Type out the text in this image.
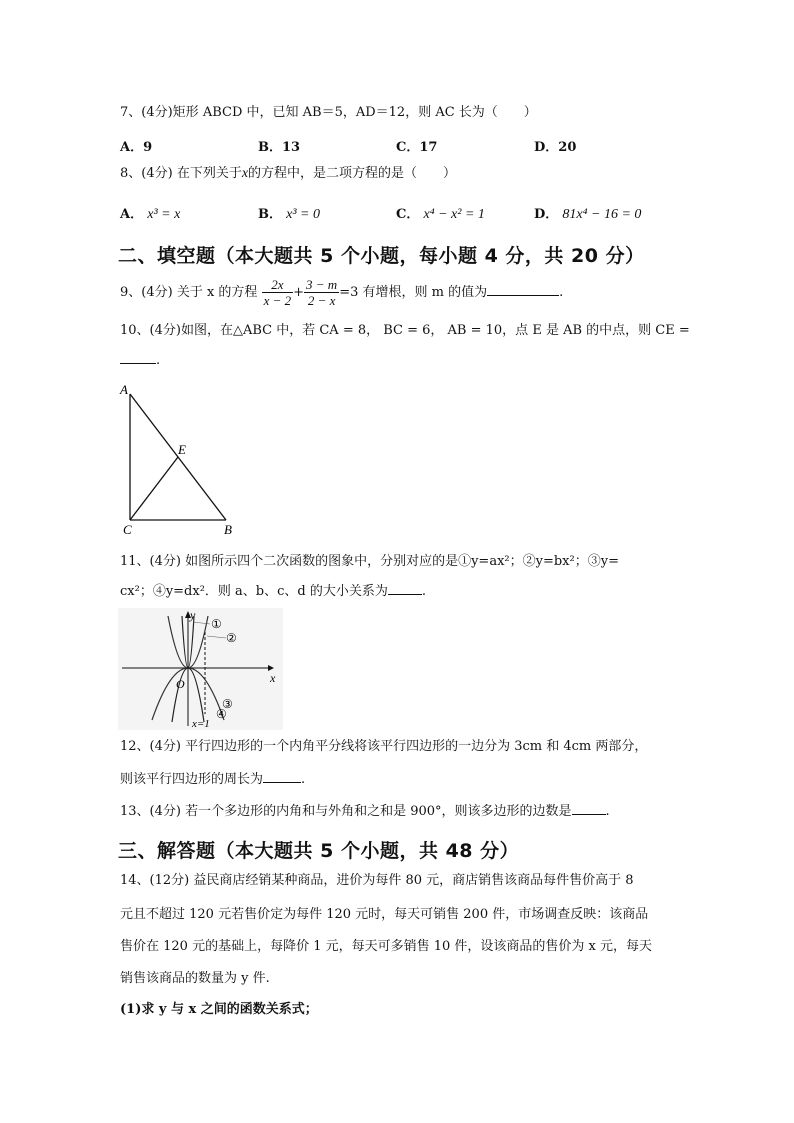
7、(4分)矩形 ABCD 中，已知 AB＝5，AD＝12，则 AC 长为（　　）
A．9	B．13	C．17	D．20
8、(4分) 在下列关于x的方程中，是二项方程的是（　　）
A． x³ = x	B． x³ = 0	C． x⁴ − x² = 1	D． 81x⁴ − 16 = 0
二、填空题（本大题共 5 个小题，每小题 4 分，共 20 分）
9、(4分) 关于 x 的方程 $\frac{2x}{x - 2} + \frac{3 - m}{2 - x} =3$ 有增根，则 m 的值为	.
10、(4分)如图，在△ABC 中，若 CA = 8， BC = 6， AB = 10，点 E 是 AB 的中点，则 CE =
.
A
E
C	B
11、(4分) 如图所示四个二次函数的图象中，分别对应的是①y=ax²；②y=bx²；③y=
cx²；④y=dx²．则 a、b、c、d 的大小关系为	.
y
x
O
①
②
③
④
x=1
12、(4分) 平行四边形的一个内角平分线将该平行四边形的一边分为 3cm 和 4cm 两部分，
则该平行四边形的周长为	.
13、(4分) 若一个多边形的内角和与外角和之和是 900°，则该多边形的边数是	.
三、解答题（本大题共 5 个小题，共 48 分）
14、(12分) 益民商店经销某种商品，进价为每件 80 元，商店销售该商品每件售价高于 8
元且不超过 120 元若售价定为每件 120 元时，每天可销售 200 件，市场调查反映：该商品
售价在 120 元的基础上，每降价 1 元，每天可多销售 10 件，设该商品的售价为 x 元，每天
销售该商品的数量为 y 件.
(1)求 y 与 x 之间的函数关系式；
